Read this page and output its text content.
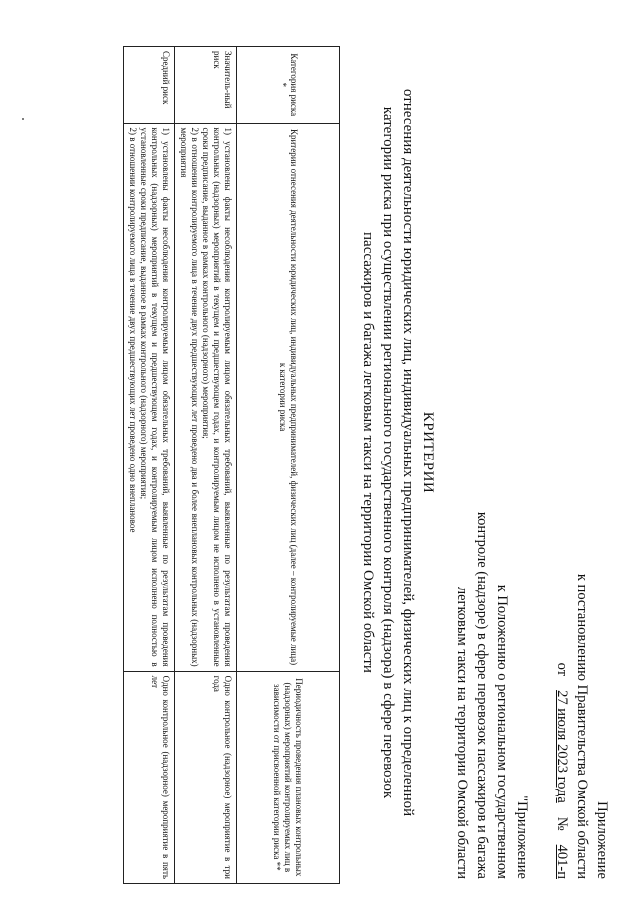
Приложение
к постановлению Правительства Омской области
от
27 июля 2023 года
№
401-п
"Приложение
к Положению о региональном государственном
контроле (надзоре) в сфере перевозок пассажиров и багажа
легковым такси на территории Омской области
КРИТЕРИИ
отнесения деятельности юридических лиц, индивидуальных предпринимателей, физических лиц к определенной
категории риска при осуществлении регионального государственного контроля (надзора) в сфере перевозок
пассажиров и багажа легковым такси на территории Омской области
Категория риска *	Критерии отнесения деятельности юридических лиц, индивидуальных предпринимателей, физических лиц (далее – контролируемые лица) к категории риска	Периодичность проведения плановых контрольных (надзорных) мероприятий контролируемых лиц в зависимости от присвоенной категории риска **
Значитель-ный риск	1) установлены факты несоблюдения контролируемым лицом обязательных требований, выявленные по результатам проведения контрольных (надзорных) мероприятий в текущем и предшествующем годах, и контролируемым лицом не исполнено в установленные сроки предписание, выданное в рамках контрольного (надзорного) мероприятия;

2) в отношении контролируемого лица в течение двух предшествующих лет проведено два и более внеплановых контрольных (надзорных) мероприятия	Одно контрольное (надзорное) мероприятие в три года
Средний риск	1) установлены факты несоблюдения контролируемым лицом обязательных требований, выявленные по результатам проведения контрольных (надзорных) мероприятий в текущем и предшествующем годах, и контролируемым лицом исполнено полностью в установленные сроки предписание, выданное в рамках контрольного (надзорного) мероприятия;

2) в отношении контролируемого лица в течение двух предшествующих лет проведено одно внеплановое	Одно контрольное (надзорное) мероприятие в пять лет
